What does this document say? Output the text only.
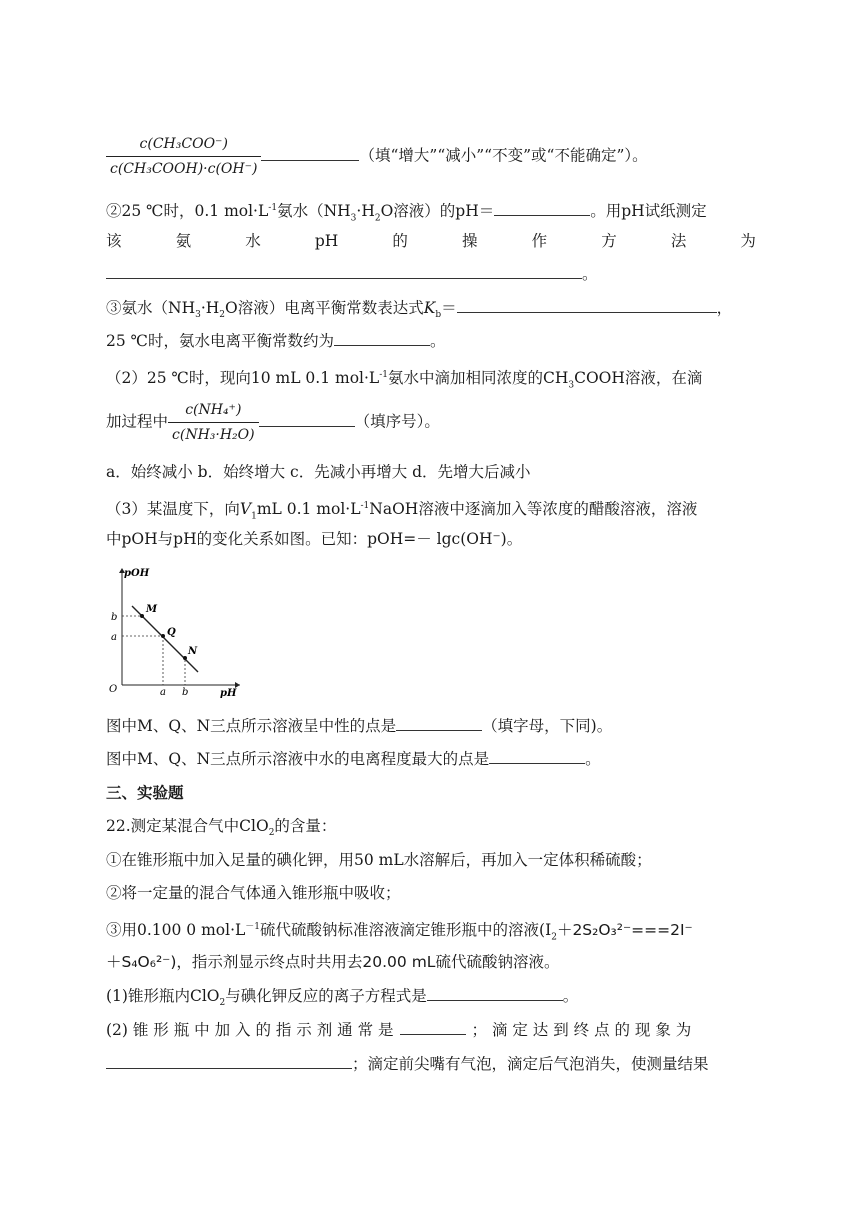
$\frac{\text{c(CH₃COO⁻)}}{\text{c(CH₃COOH)·c(OH⁻)}}$	（填“增大”“减小”“不变”或“不能确定”）。
②25 ℃时，0.1 $mol\cdot L^{-1}$氨水（$NH_3\cdot H_2O$溶液）的pH＝	。用pH试纸测定
该	氨	水	pH	的	操	作	方	法	为
。
③氨水（$NH_3\cdot H_2O$溶液）电离平衡常数表达式$K_b=$	，
25 ℃时，氨水电离平衡常数约为	。
（2）25 ℃时，现向10 mL 0.1 $mol\cdot L^{-1}$氨水中滴加相同浓度的$CH_3COOH$溶液，在滴
加过程中 $\frac{\text{c(NH₄⁺)}}{\text{c(NH₃·H₂O)}}$	（填序号）。
a．始终减小 b．始终增大 c．先减小再增大 d．先增大后减小
（3）某温度下，向$V_1mL$ 0.1 $mol\cdot L^{-1}NaOH$溶液中逐滴加入等浓度的醋酸溶液，溶液
中pOH与pH的变化关系如图。已知：pOH=－ lgc(OH⁻)。
pOH
pH
O	a b
b
a
M
Q
N
图中M、Q、N三点所示溶液呈中性的点是	（填字母，下同)。
图中M、Q、N三点所示溶液中水的电离程度最大的点是	。
三、实验题
22.测定某混合气中ClO$_2$的含量：
①在锥形瓶中加入足量的碘化钾，用50 mL水溶解后，再加入一定体积稀硫酸；
②将一定量的混合气体通入锥形瓶中吸收；
③用0.100 0 $mol\cdot L^{-1}$硫代硫酸钠标准溶液滴定锥形瓶中的溶液($I_2+2S_2O_3^{2-}===2I^-$
＋S₄O₆²⁻)，指示剂显示终点时共用去20.00 mL硫代硫酸钠溶液。
(1)锥形瓶内ClO$_2$与碘化钾反应的离子方程式是	。
(2) 锥 形 瓶 中 加 入 的 指 示 剂 通 常 是	； 滴 定 达 到 终 点 的 现 象 为
；滴定前尖嘴有气泡，滴定后气泡消失，使测量结果
